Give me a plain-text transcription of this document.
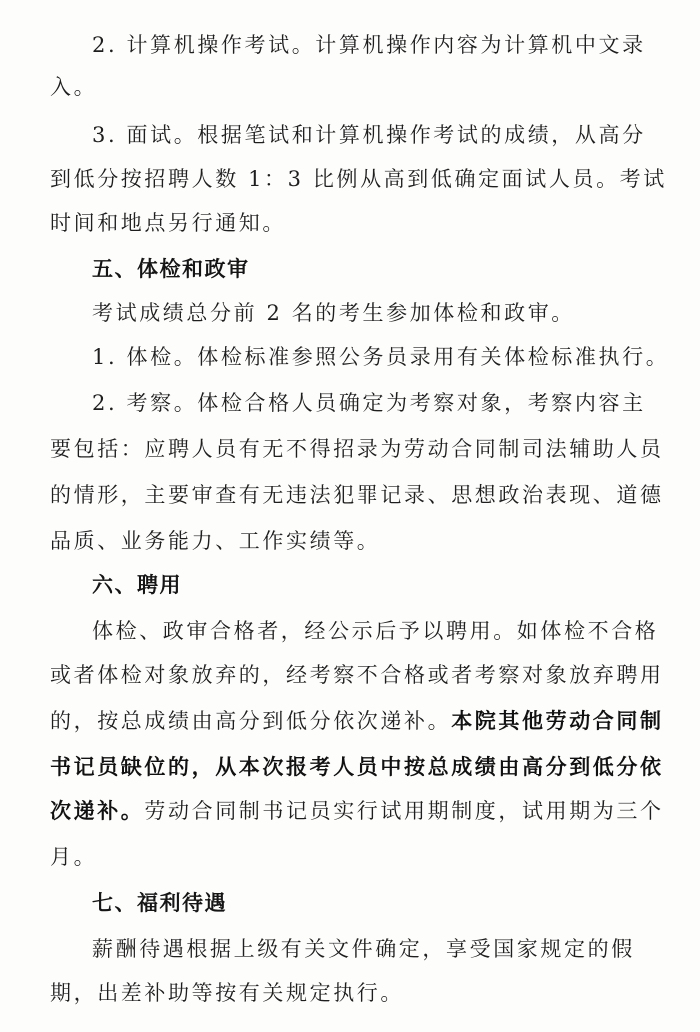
2. 计算机操作考试。计算机操作内容为计算机中文录
入。
3. 面试。根据笔试和计算机操作考试的成绩，从高分
到低分按招聘人数 1：3 比例从高到低确定面试人员。考试
时间和地点另行通知。
五、体检和政审
考试成绩总分前 2 名的考生参加体检和政审。
1. 体检。体检标准参照公务员录用有关体检标准执行。
2. 考察。体检合格人员确定为考察对象，考察内容主
要包括：应聘人员有无不得招录为劳动合同制司法辅助人员
的情形，主要审查有无违法犯罪记录、思想政治表现、道德
品质、业务能力、工作实绩等。
六、聘用
体检、政审合格者，经公示后予以聘用。如体检不合格
或者体检对象放弃的，经考察不合格或者考察对象放弃聘用
的，按总成绩由高分到低分依次递补。本院其他劳动合同制
书记员缺位的，从本次报考人员中按总成绩由高分到低分依
次递补。劳动合同制书记员实行试用期制度，试用期为三个
月。
七、福利待遇
薪酬待遇根据上级有关文件确定，享受国家规定的假
期，出差补助等按有关规定执行。
